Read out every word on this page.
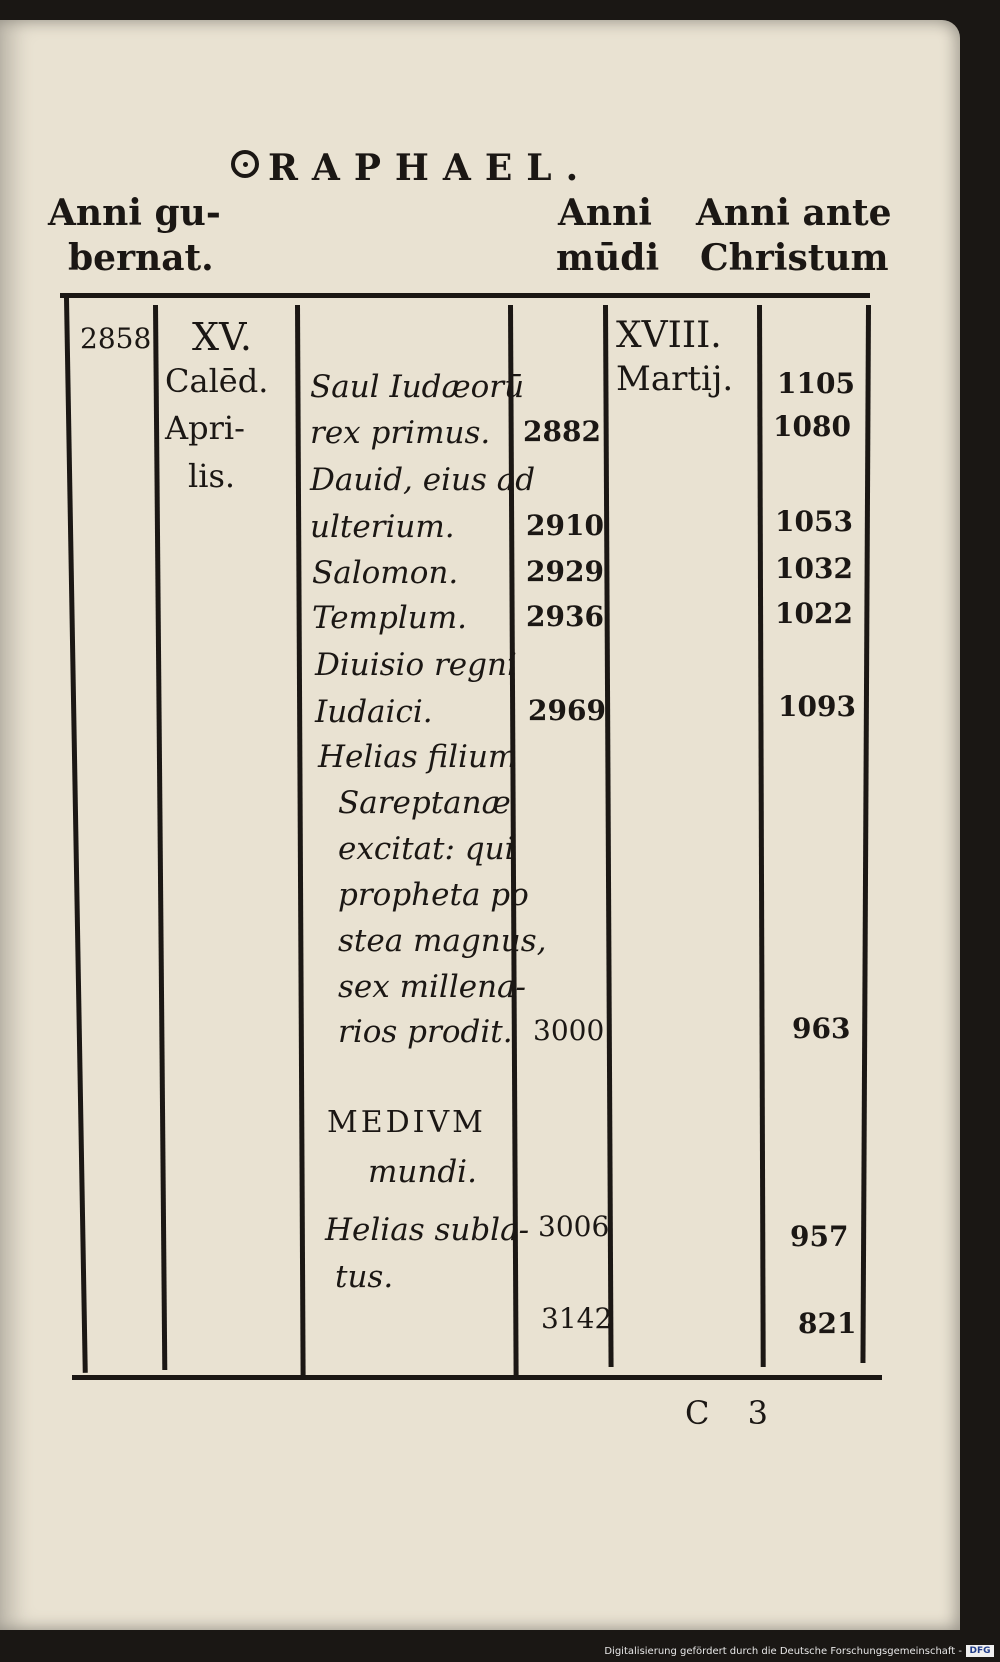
RAPHAEL.
Anni gu-
bernat.
Anni
mūdi
Anni ante
Christum
2858 XV.
Calēd.
Apri-
lis.
Saul Iudæorū
rex primus.
Dauid, eius ad
ulterium.
Salomon.
Templum.
Diuisio regni
Iudaici.
Helias filium
Sareptanæ
excitat: qui
propheta po
stea magnus,
sex millena-
rios prodit.
MEDIVM
mundi.
Helias subla-
tus.
2882
2910
2929
2936
2969
3000
3006
3142
XVIII.
Martij. 1105
1080
1053
1032
1022
1093
963
957
821
C 3
Digitalisierung gefördert durch die Deutsche Forschungsgemeinschaft - DFG
